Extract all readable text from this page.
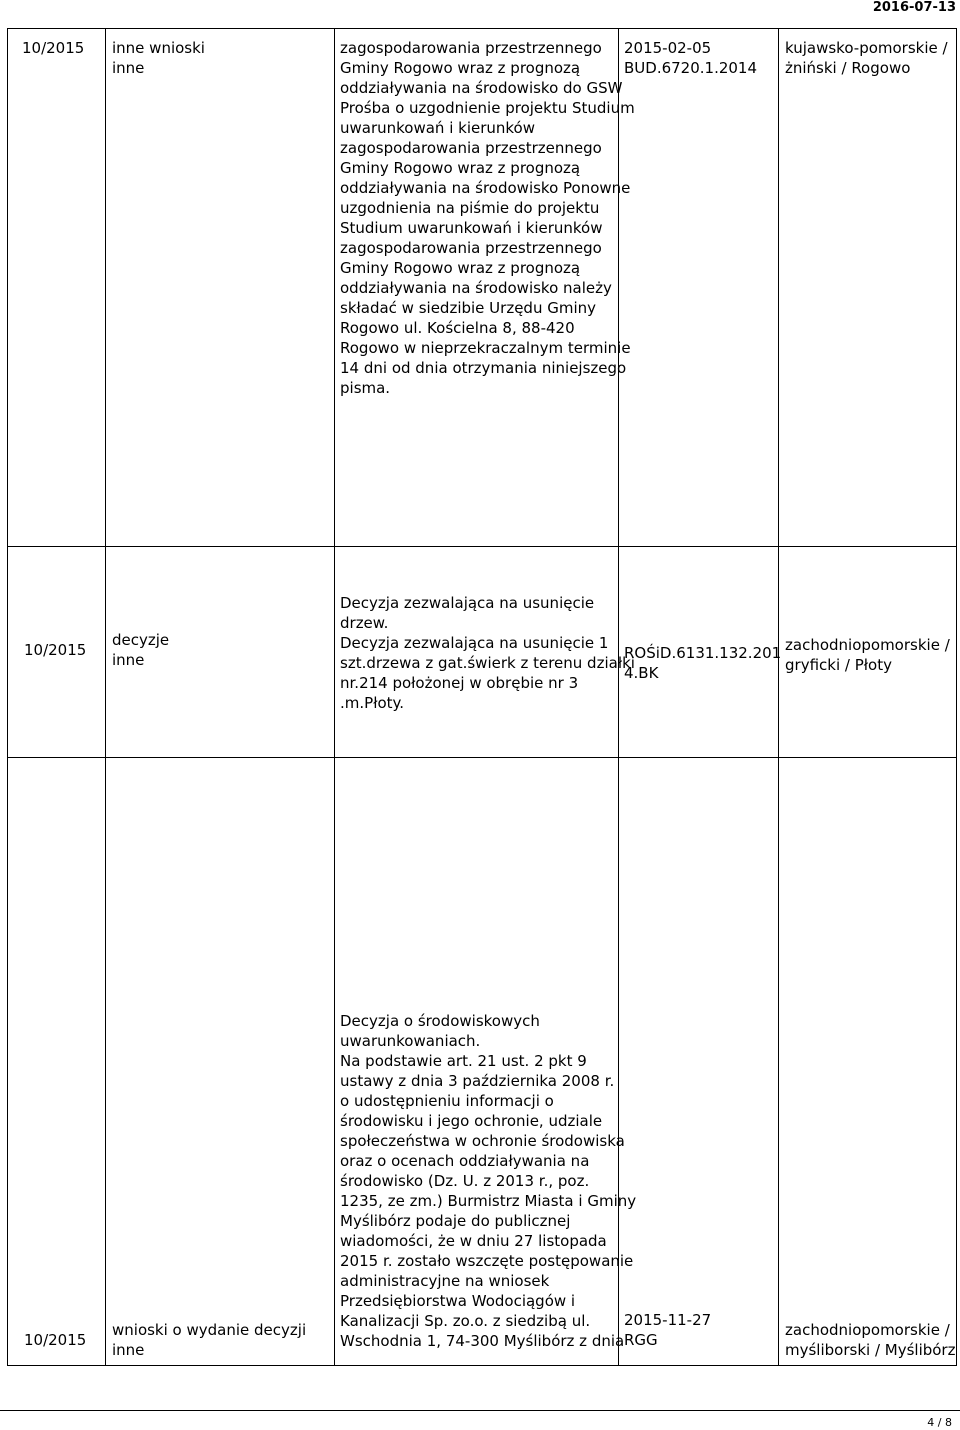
2016-07-13
10/2015 inne wnioski
inne
zagospodarowania przestrzennego
Gminy Rogowo wraz z prognozą
oddziaływania na środowisko do GSW
Prośba o uzgodnienie projektu Studium
uwarunkowań i kierunków
zagospodarowania przestrzennego
Gminy Rogowo wraz z prognozą
oddziaływania na środowisko Ponowne
uzgodnienia na piśmie do projektu
Studium uwarunkowań i kierunków
zagospodarowania przestrzennego
Gminy Rogowo wraz z prognozą
oddziaływania na środowisko należy
składać w siedzibie Urzędu Gminy
Rogowo ul. Kościelna 8, 88-420
Rogowo w nieprzekraczalnym terminie
14 dni od dnia otrzymania niniejszego
pisma.
2015-02-05
BUD.6720.1.2014
kujawsko-pomorskie /
żniński / Rogowo
10/2015
decyzje
inne
Decyzja zezwalająca na usunięcie
drzew.
Decyzja zezwalająca na usunięcie 1
szt.drzewa z gat.świerk z terenu działki
nr.214 położonej w obrębie nr 3
.m.Płoty.
ROŚiD.6131.132.201
4.BK
zachodniopomorskie /
gryficki / Płoty
10/2015
wnioski o wydanie decyzji
inne
Decyzja o środowiskowych
uwarunkowaniach.
Na podstawie art. 21 ust. 2 pkt 9
ustawy z dnia 3 października 2008 r.
o udostępnieniu informacji o
środowisku i jego ochronie, udziale
społeczeństwa w ochronie środowiska
oraz o ocenach oddziaływania na
środowisko (Dz. U. z 2013 r., poz.
1235, ze zm.) Burmistrz Miasta i Gminy
Myślibórz podaje do publicznej
wiadomości, że w dniu 27 listopada
2015 r. zostało wszczęte postępowanie
administracyjne na wniosek
Przedsiębiorstwa Wodociągów i
Kanalizacji Sp. zo.o. z siedzibą ul.
Wschodnia 1, 74-300 Myślibórz z dnia
2015-11-27
RGG
zachodniopomorskie /
myśliborski / Myślibórz
4 / 8
